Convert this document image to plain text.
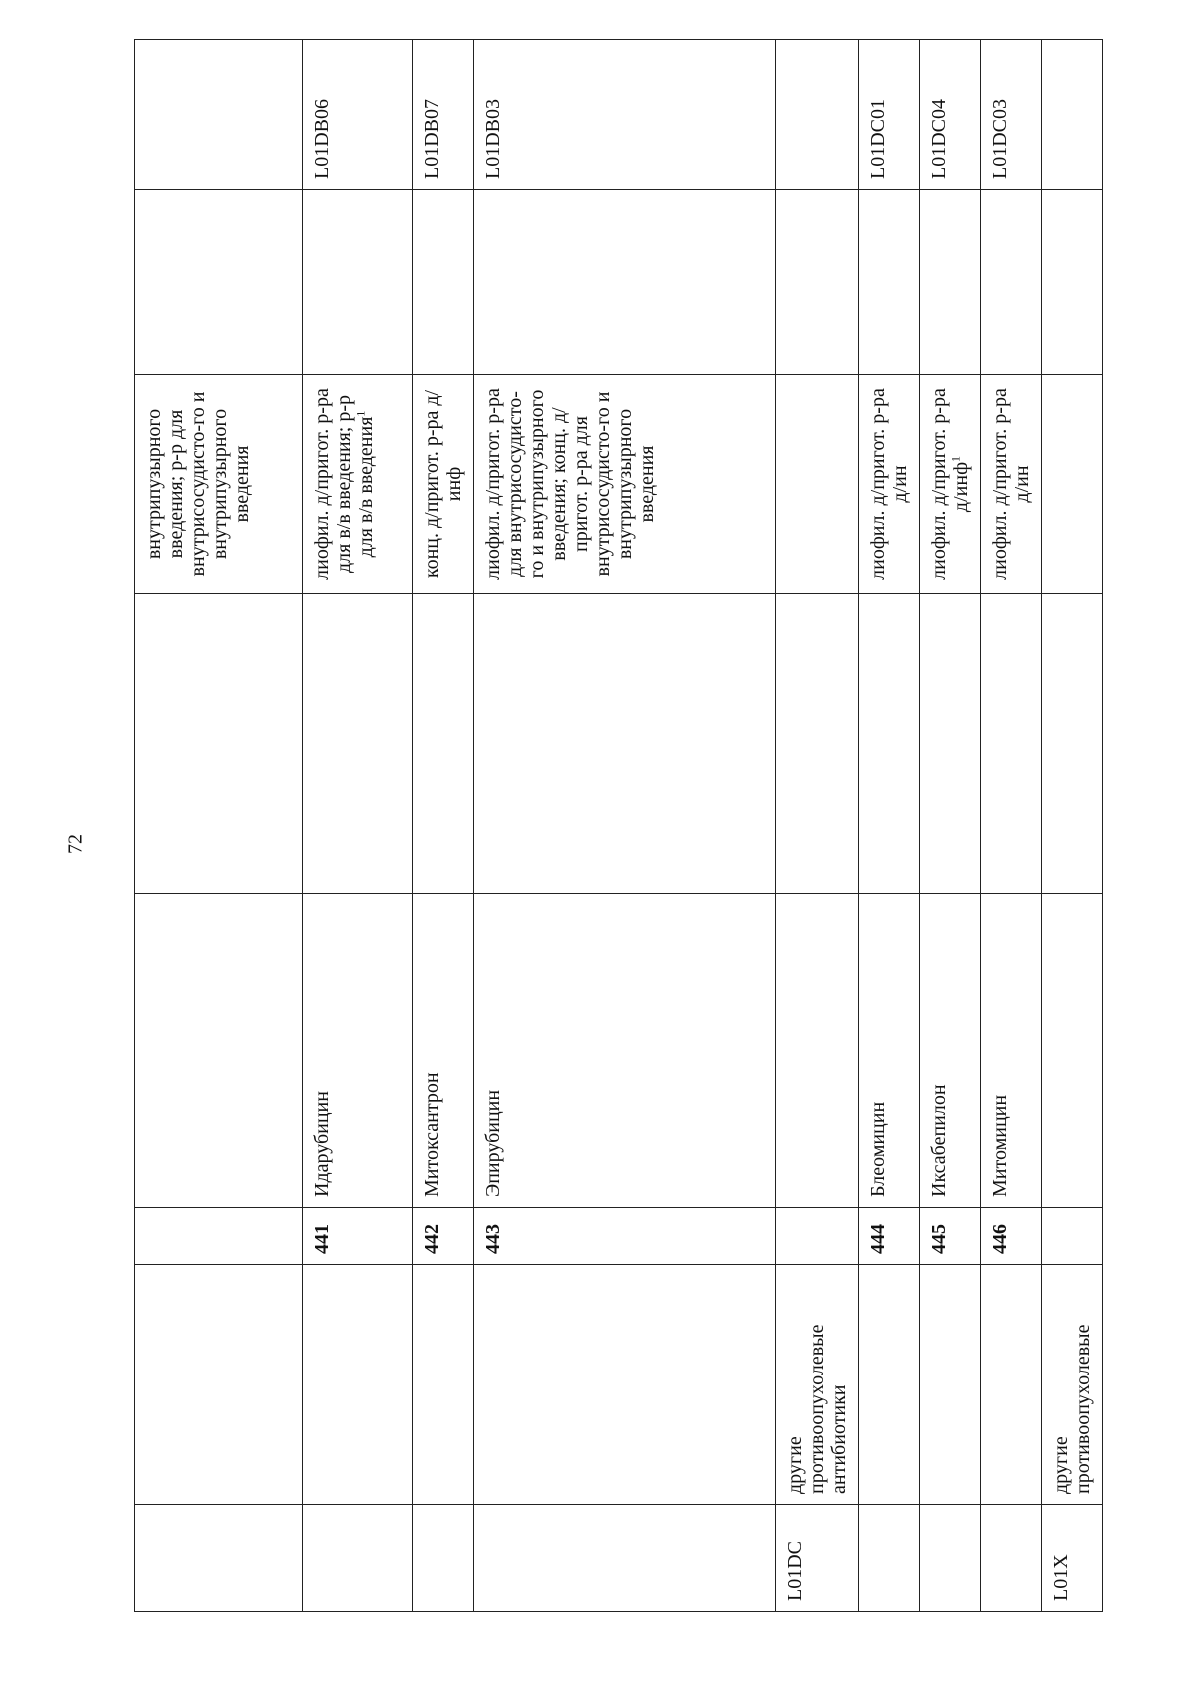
72
					внутрипузырного введения; р-р для внутрисосудисто-го и внутрипузырного введения		
		441	Идарубицин		лиофил. д/пригот. р-ра для в/в введения; р-р для в/в введения$^1$		L01DB06
		442	Митоксантрон		конц. д/пригот. р-ра д/инф		L01DB07
		443	Эпирубицин		лиофил. д/пригот. р-ра для внутрисосудисто-го и внутрипузырного введения; конц. д/пригот. р-ра для внутрисосудисто-го и внутрипузырного введения		L01DB03
L01DC	другие противоопухолевые антибиотики						
		444	Блеомицин		лиофил. д/пригот. р-ра д/ин		L01DC01
		445	Иксабепилон		лиофил. д/пригот. р-ра д/инф$^1$		L01DC04
		446	Митомицин		лиофил. д/пригот. р-ра д/ин		L01DC03
L01X	другие противоопухолевые						
